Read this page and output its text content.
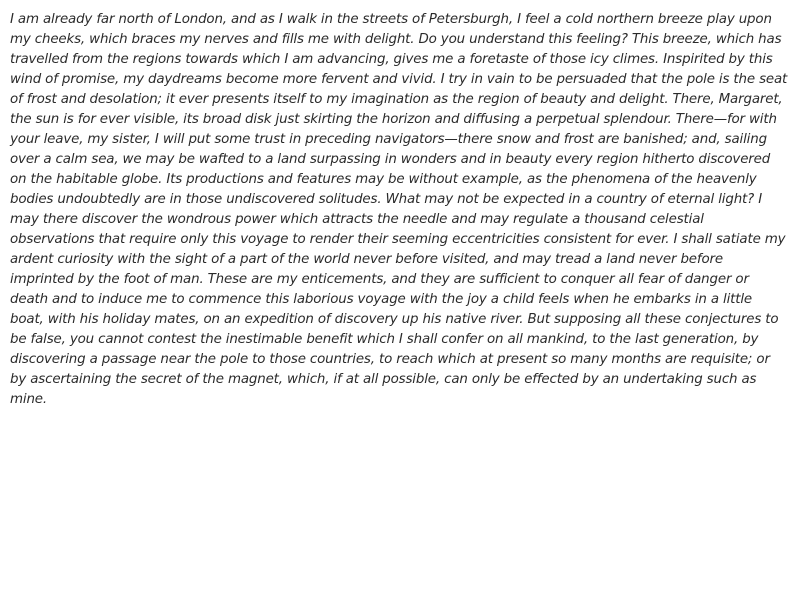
I am already far north of London, and as I walk in the streets of Petersburgh, I feel a cold northern breeze play upon my cheeks, which braces my nerves and fills me with delight. Do you understand this feeling? This breeze, which has travelled from the regions towards which I am advancing, gives me a foretaste of those icy climes. Inspirited by this wind of promise, my daydreams become more fervent and vivid. I try in vain to be persuaded that the pole is the seat of frost and desolation; it ever presents itself to my imagination as the region of beauty and delight. There, Margaret, the sun is for ever visible, its broad disk just skirting the horizon and diffusing a perpetual splendour. There—for with your leave, my sister, I will put some trust in preceding navigators—there snow and frost are banished; and, sailing over a calm sea, we may be wafted to a land surpassing in wonders and in beauty every region hitherto discovered on the habitable globe. Its productions and features may be without example, as the phenomena of the heavenly bodies undoubtedly are in those undiscovered solitudes. What may not be expected in a country of eternal light? I may there discover the wondrous power which attracts the needle and may regulate a thousand celestial observations that require only this voyage to render their seeming eccentricities consistent for ever. I shall satiate my ardent curiosity with the sight of a part of the world never before visited, and may tread a land never before imprinted by the foot of man. These are my enticements, and they are sufficient to conquer all fear of danger or death and to induce me to commence this laborious voyage with the joy a child feels when he embarks in a little boat, with his holiday mates, on an expedition of discovery up his native river. But supposing all these conjectures to be false, you cannot contest the inestimable benefit which I shall confer on all mankind, to the last generation, by discovering a passage near the pole to those countries, to reach which at present so many months are requisite; or by ascertaining the secret of the magnet, which, if at all possible, can only be effected by an undertaking such as mine.
